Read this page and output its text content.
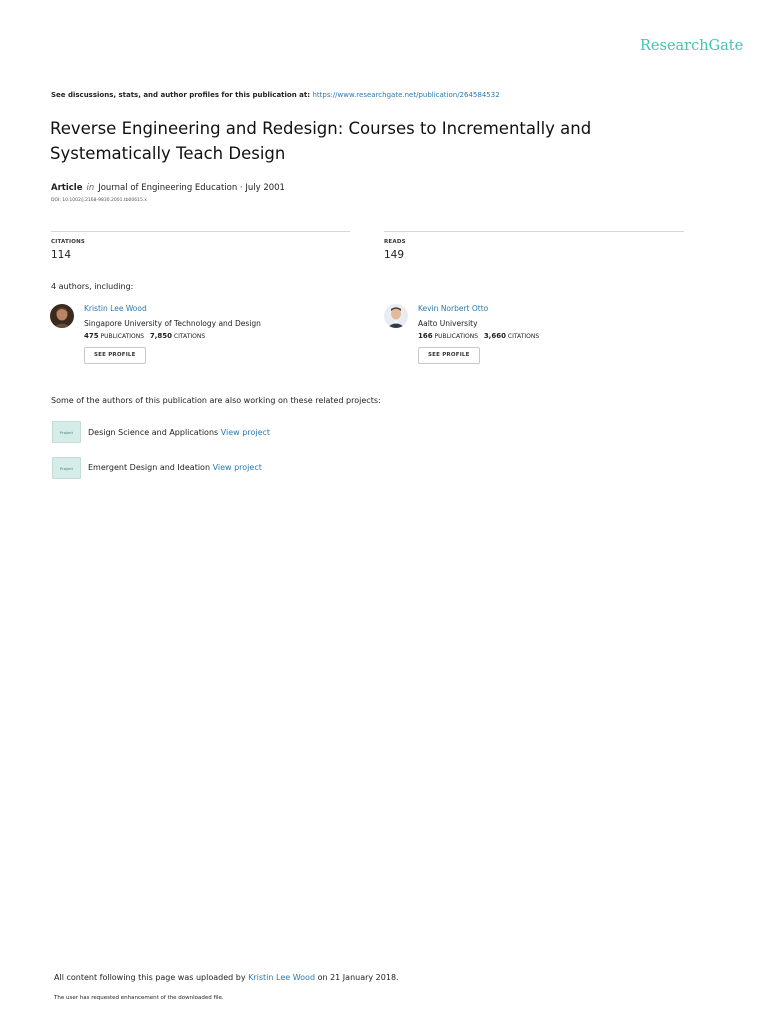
ResearchGate
See discussions, stats, and author profiles for this publication at: https://www.researchgate.net/publication/264584532
Reverse Engineering and Redesign: Courses to Incrementally and Systematically Teach Design
Article in Journal of Engineering Education · July 2001
DOI: 10.1002/j.2168-9830.2001.tb00615.x
CITATIONS
114
READS
149
4 authors, including:
Kristin Lee Wood
Singapore University of Technology and Design
475 PUBLICATIONS 7,850 CITATIONS
SEE PROFILE
Kevin Norbert Otto
Aalto University
166 PUBLICATIONS 3,660 CITATIONS
SEE PROFILE
Some of the authors of this publication are also working on these related projects:
Project	Design Science and Applications View project
Project	Emergent Design and Ideation View project
All content following this page was uploaded by Kristin Lee Wood on 21 January 2018.
The user has requested enhancement of the downloaded file.
